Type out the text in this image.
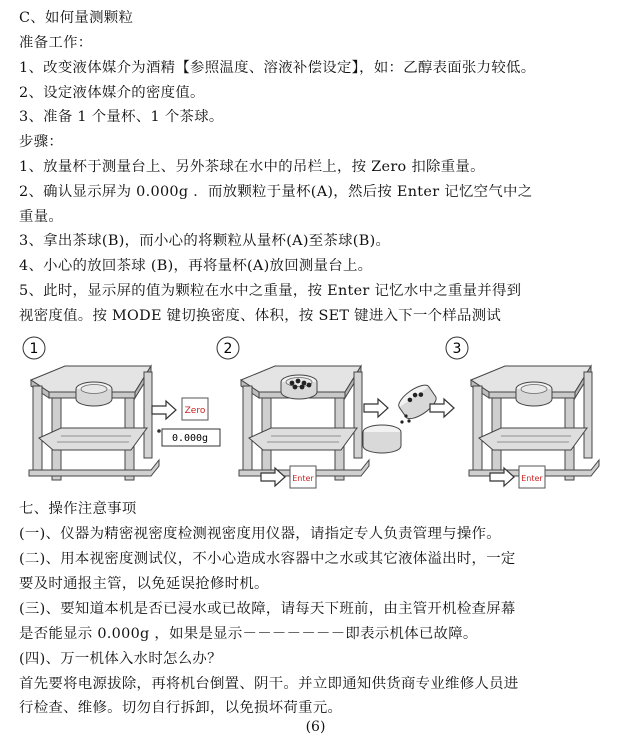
C、如何量测颗粒
准备工作：
1、改变液体媒介为酒精【参照温度、溶液补偿设定】，如：乙醇表面张力较低。
2、设定液体媒介的密度值。
3、准备 1 个量杯、1 个茶球。
步骤：
1、放量杯于测量台上、另外茶球在水中的吊栏上，按 Zero 扣除重量。
2、确认显示屏为 0.000g ．而放颗粒于量杯(A)，然后按 Enter 记忆空气中之
重量。
3、拿出茶球(B)，而小心的将颗粒从量杯(A)至茶球(B)。
4、小心的放回茶球 (B)，再将量杯(A)放回测量台上。
5、此时，显示屏的值为颗粒在水中之重量，按 Enter 记忆水中之重量并得到
视密度值。按 MODE 键切换密度、体积，按 SET 键进入下一个样品测试
1	2	3
Zero
0.000g
Enter	Enter
七、操作注意事项
(一)、仪器为精密视密度检测视密度用仪器，请指定专人负责管理与操作。
(二)、用本视密度测试仪，不小心造成水容器中之水或其它液体溢出时，一定
要及时通报主管，以免延误抢修时机。
(三)、要知道本机是否已浸水或已故障，请每天下班前，由主管开机检查屏幕
是否能显示 0.000g ，如果是显示－－－－－－－即表示机体已故障。
(四)、万一机体入水时怎么办？
首先要将电源拔除，再将机台倒置、阴干。并立即通知供货商专业维修人员进
行检查、维修。切勿自行拆卸，以免损坏荷重元。
(6)
